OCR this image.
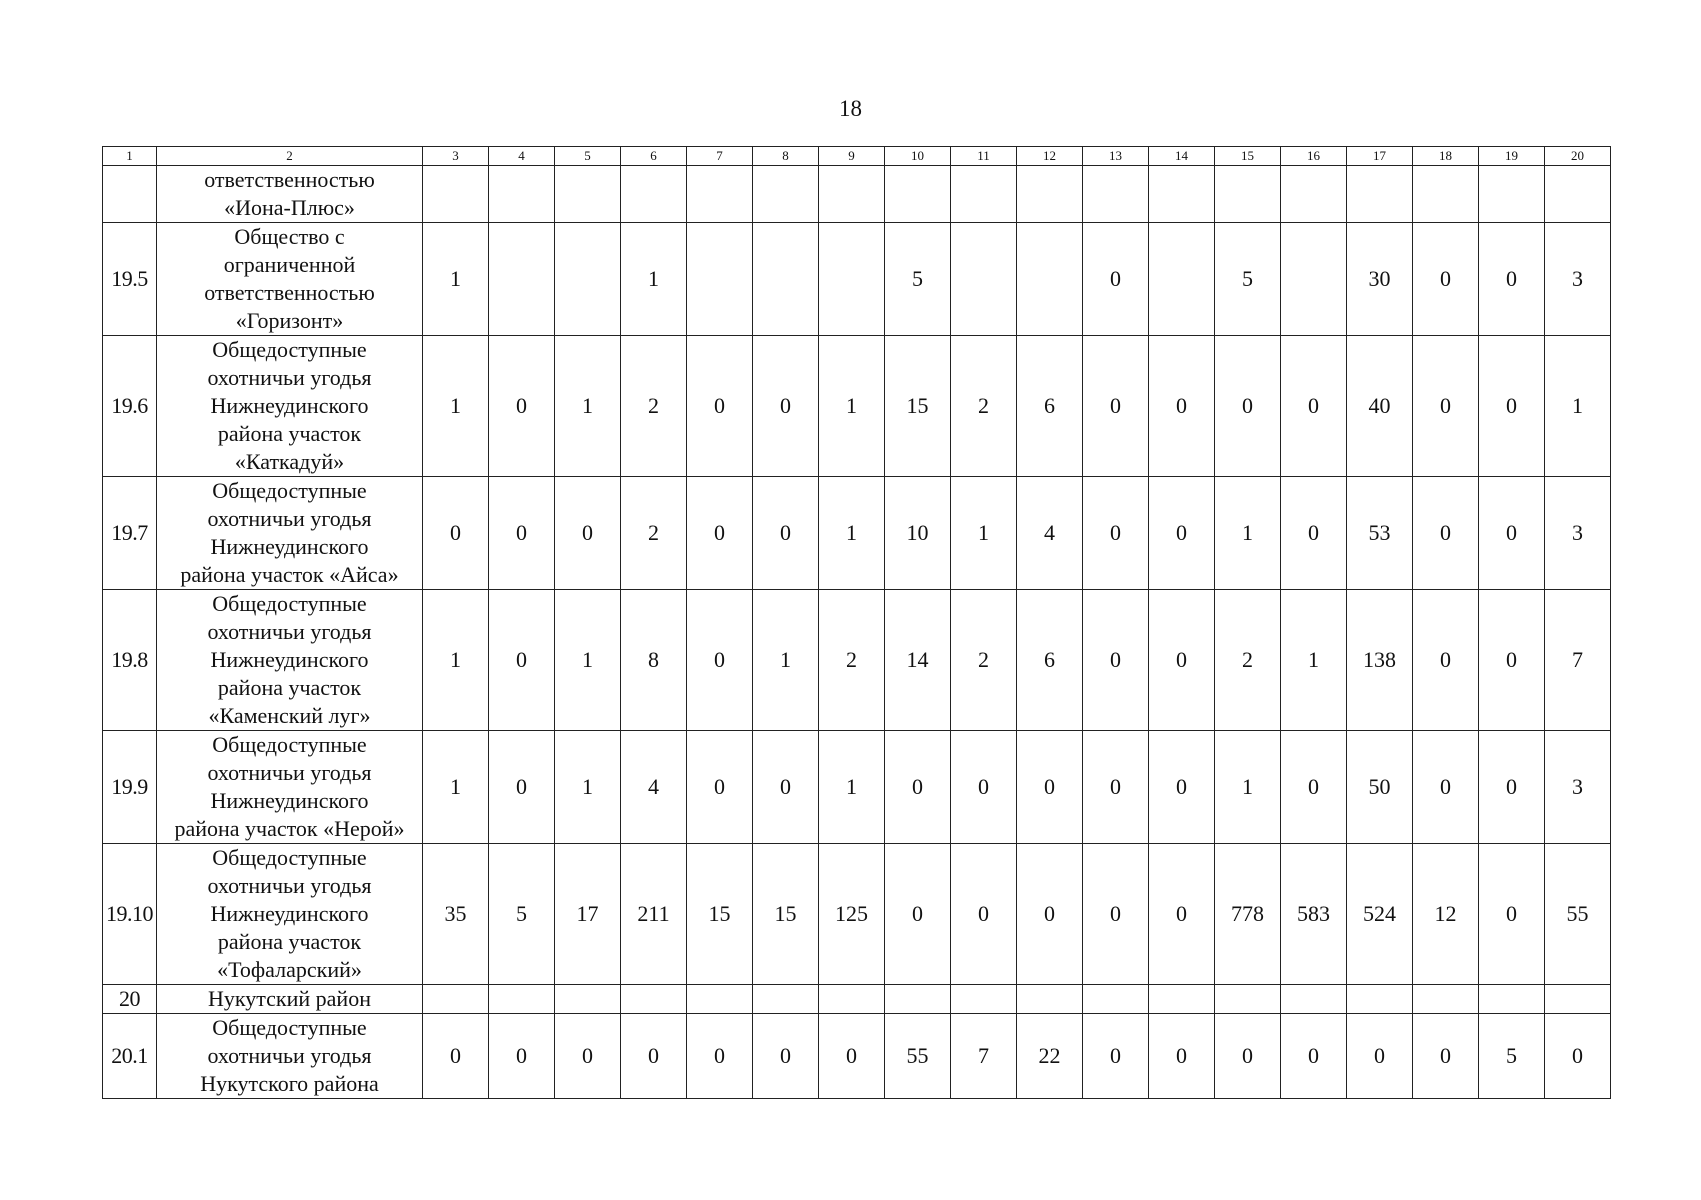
18
1	2	3	4	5	6	7	8	9	10	11	12	13	14	15	16	17	18	19	20

	ответственностью
«Иона-Плюс»																		

19.5	Общество с
ограниченной
ответственностью
«Горизонт»	1			1				5			0		5		30	0	0	3
19.6	Общедоступные
охотничьи угодья
Нижнеудинского
района участок
«Каткадуй»	1	0	1	2	0	0	1	15	2	6	0	0	0	0	40	0	0	1
19.7	Общедоступные
охотничьи угодья
Нижнеудинского
района участок «Айса»	0	0	0	2	0	0	1	10	1	4	0	0	1	0	53	0	0	3
19.8	Общедоступные
охотничьи угодья
Нижнеудинского
района участок
«Каменский луг»	1	0	1	8	0	1	2	14	2	6	0	0	2	1	138	0	0	7
19.9	Общедоступные
охотничьи угодья
Нижнеудинского
района участок «Нерой»	1	0	1	4	0	0	1	0	0	0	0	0	1	0	50	0	0	3
19.10	Общедоступные
охотничьи угодья
Нижнеудинского
района участок
«Тофаларский»	35	5	17	211	15	15	125	0	0	0	0	0	778	583	524	12	0	55
20	Нукутский район																		

20.1	Общедоступные
охотничьи угодья
Нукутского района	0	0	0	0	0	0	0	55	7	22	0	0	0	0	0	0	5	0
